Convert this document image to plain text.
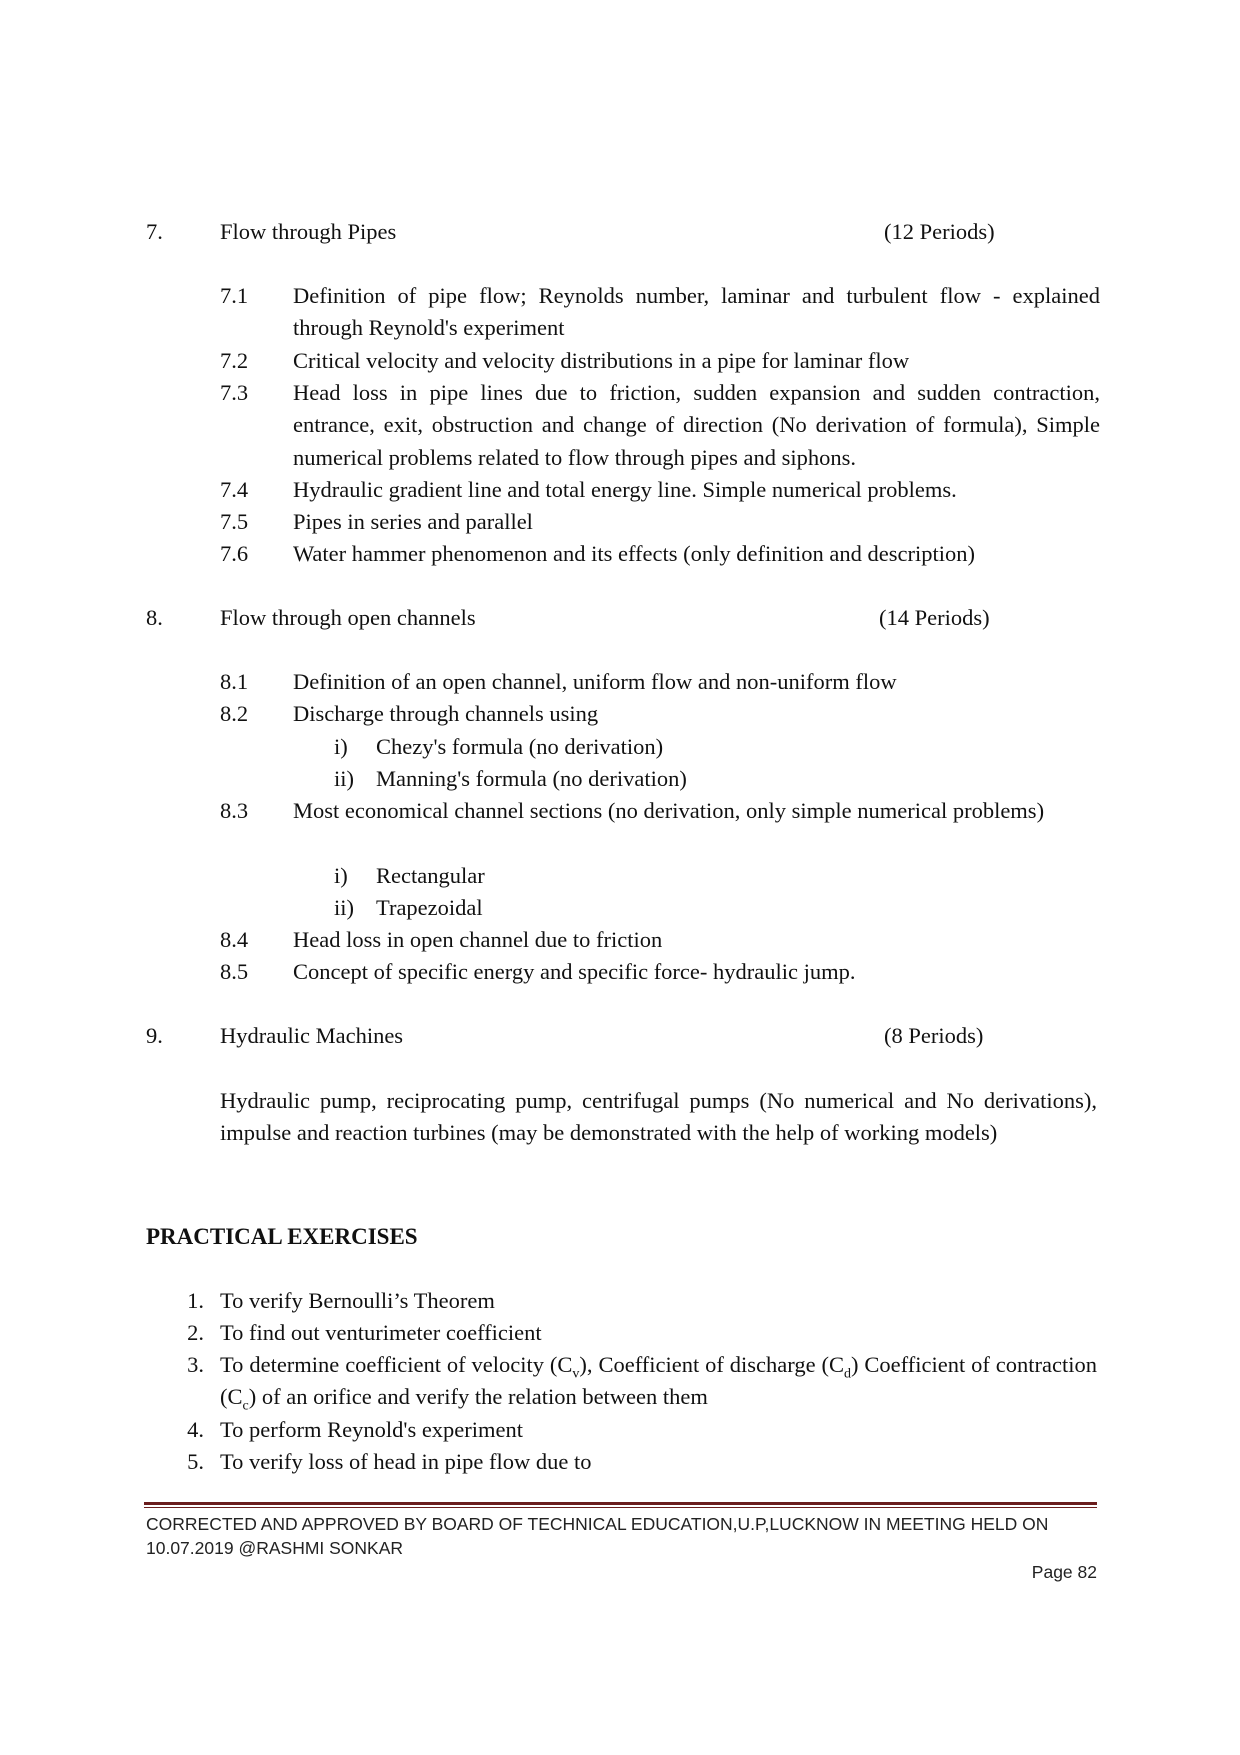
7.	Flow through Pipes	(12 Periods)
7.1 Definition of pipe flow; Reynolds number, laminar and turbulent flow - explained through Reynold's experiment
7.2 Critical velocity and velocity distributions in a pipe for laminar flow
7.3 Head loss in pipe lines due to friction, sudden expansion and sudden contraction, entrance, exit, obstruction and change of direction (No derivation of formula), Simple numerical problems related to flow through pipes and siphons.
7.4 Hydraulic gradient line and total energy line. Simple numerical problems.
7.5 Pipes in series and parallel
7.6 Water hammer phenomenon and its effects (only definition and description)
8.	Flow through open channels	(14 Periods)
8.1 Definition of an open channel, uniform flow and non-uniform flow
8.2 Discharge through channels using
i) Chezy's formula (no derivation)
ii) Manning's formula (no derivation)
8.3 Most economical channel sections (no derivation, only simple numerical problems)
i) Rectangular
ii) Trapezoidal
8.4 Head loss in open channel due to friction
8.5 Concept of specific energy and specific force- hydraulic jump.
9.	Hydraulic Machines	(8 Periods)
Hydraulic pump, reciprocating pump, centrifugal pumps (No numerical and No derivations), impulse and reaction turbines (may be demonstrated with the help of working models)
PRACTICAL EXERCISES
1. To verify Bernoulli’s Theorem
2. To find out venturimeter coefficient
3. To determine coefficient of velocity $(C_v)$, Coefficient of discharge $(C_d)$ Coefficient of contraction $(C_c)$ of an orifice and verify the relation between them
4. To perform Reynold's experiment
5. To verify loss of head in pipe flow due to
CORRECTED AND APPROVED BY BOARD OF TECHNICAL EDUCATION,U.P,LUCKNOW IN MEETING HELD ON
10.07.2019 @RASHMI SONKAR
Page 82
